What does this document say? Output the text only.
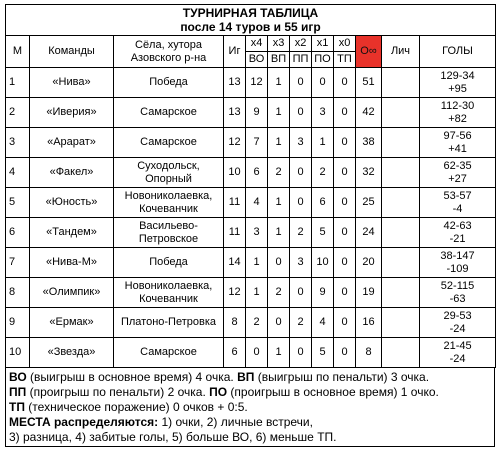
ТУРНИРНАЯ ТАБЛИЦА
после 14 туров и 55 игр											

М	Команды	Сёла, хутора Азовского р-на	Иг	х4	х3	х2	х1	х0	О∞	Лич	ГОЛЫ
				ВО	ВП	ПП	ПО	ТП			
1	«Нива»	Победа	13	12	1	0	0	0	51		129-34
+95

2	«Иверия»	Самарское	13	9	1	0	3	0	42		112-30
+82

3	«Арарат»	Самарское	12	7	1	3	1	0	38		97-56
+41

4	«Факел»	Суходольск, Опорный	10	6	2	0	2	0	32		62-35
+27

5	«Юность»	Новониколаевка, Кочеванчик	11	4	1	0	6	0	25		53-57
-4

6	«Тандем»	Васильево-Петровское	11	3	1	2	5	0	24		42-63
-21

7	«Нива-М»	Победа	14	1	0	3	10	0	20		38-147
-109

8	«Олимпик»	Новониколаевка, Кочеванчик	12	1	2	0	9	0	19		52-115
-63

9	«Ермак»	Платоно-Петровка	8	2	0	2	4	0	16		29-53
-24

10	«Звезда»	Самарское	6	0	1	0	5	0	8		21-45
-24
ВО (выигрыш в основное время) 4 очка. ВП (выигрыш по пенальти) 3 очка.
ПП (проигрыш по пенальти) 2 очка. ПО (проигрыш в основное время) 1 очко.
ТП (техническое поражение) 0 очков + 0:5.
МЕСТА распределяются: 1) очки, 2) личные встречи,
3) разница, 4) забитые голы, 5) больше ВО, 6) меньше ТП.
